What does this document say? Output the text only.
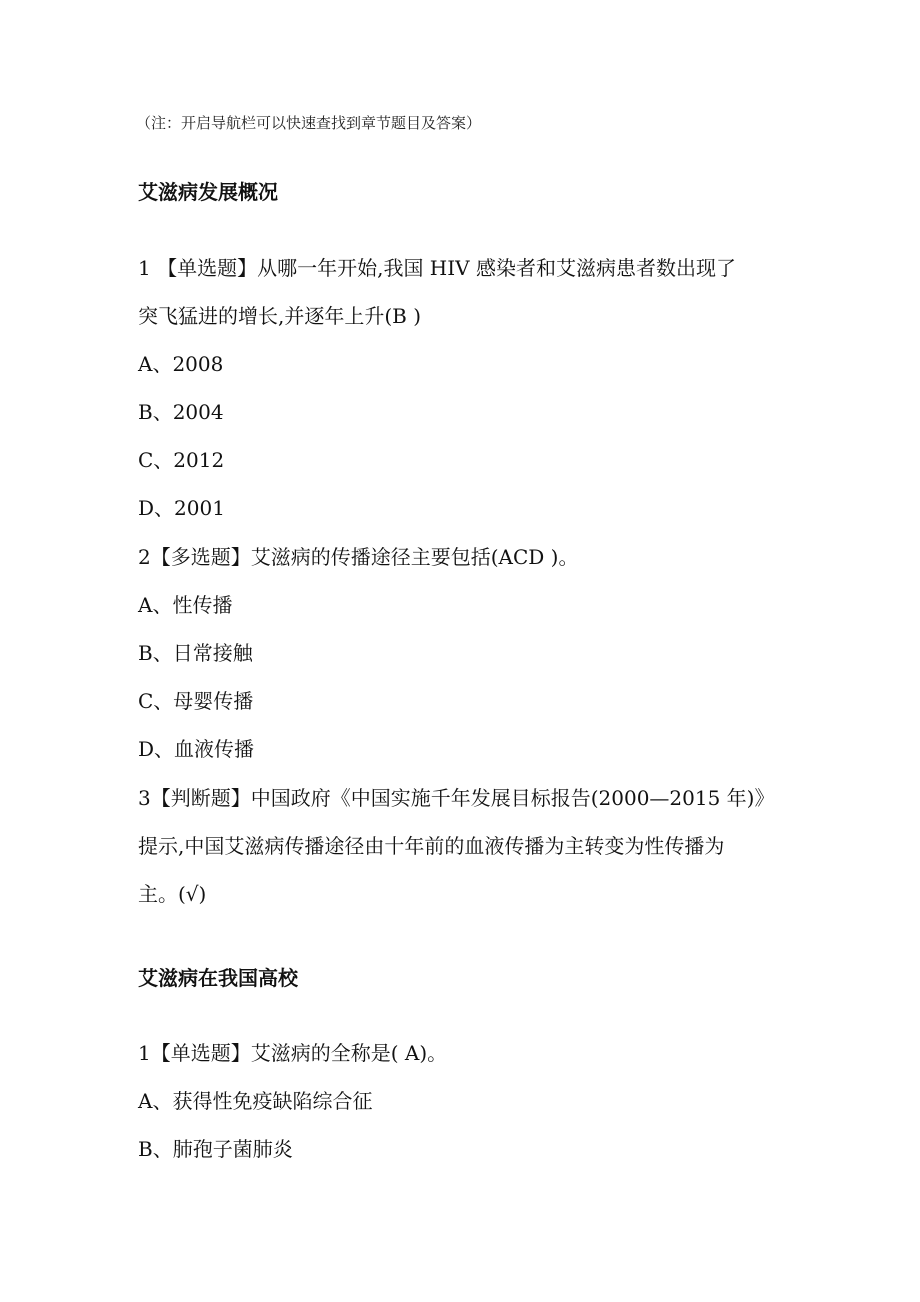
（注：开启导航栏可以快速查找到章节题目及答案）
艾滋病发展概况
1 【单选题】从哪一年开始,我国 HIV 感染者和艾滋病患者数出现了
突飞猛进的增长,并逐年上升(B )
A、2008
B、2004
C、2012
D、2001
2【多选题】艾滋病的传播途径主要包括(ACD )。
A、性传播
B、日常接触
C、母婴传播
D、血液传播
3【判断题】中国政府《中国实施千年发展目标报告(2000—2015 年)》
提示,中国艾滋病传播途径由十年前的血液传播为主转变为性传播为
主。(√)
艾滋病在我国高校
1【单选题】艾滋病的全称是( A)。
A、获得性免疫缺陷综合征
B、肺孢子菌肺炎
